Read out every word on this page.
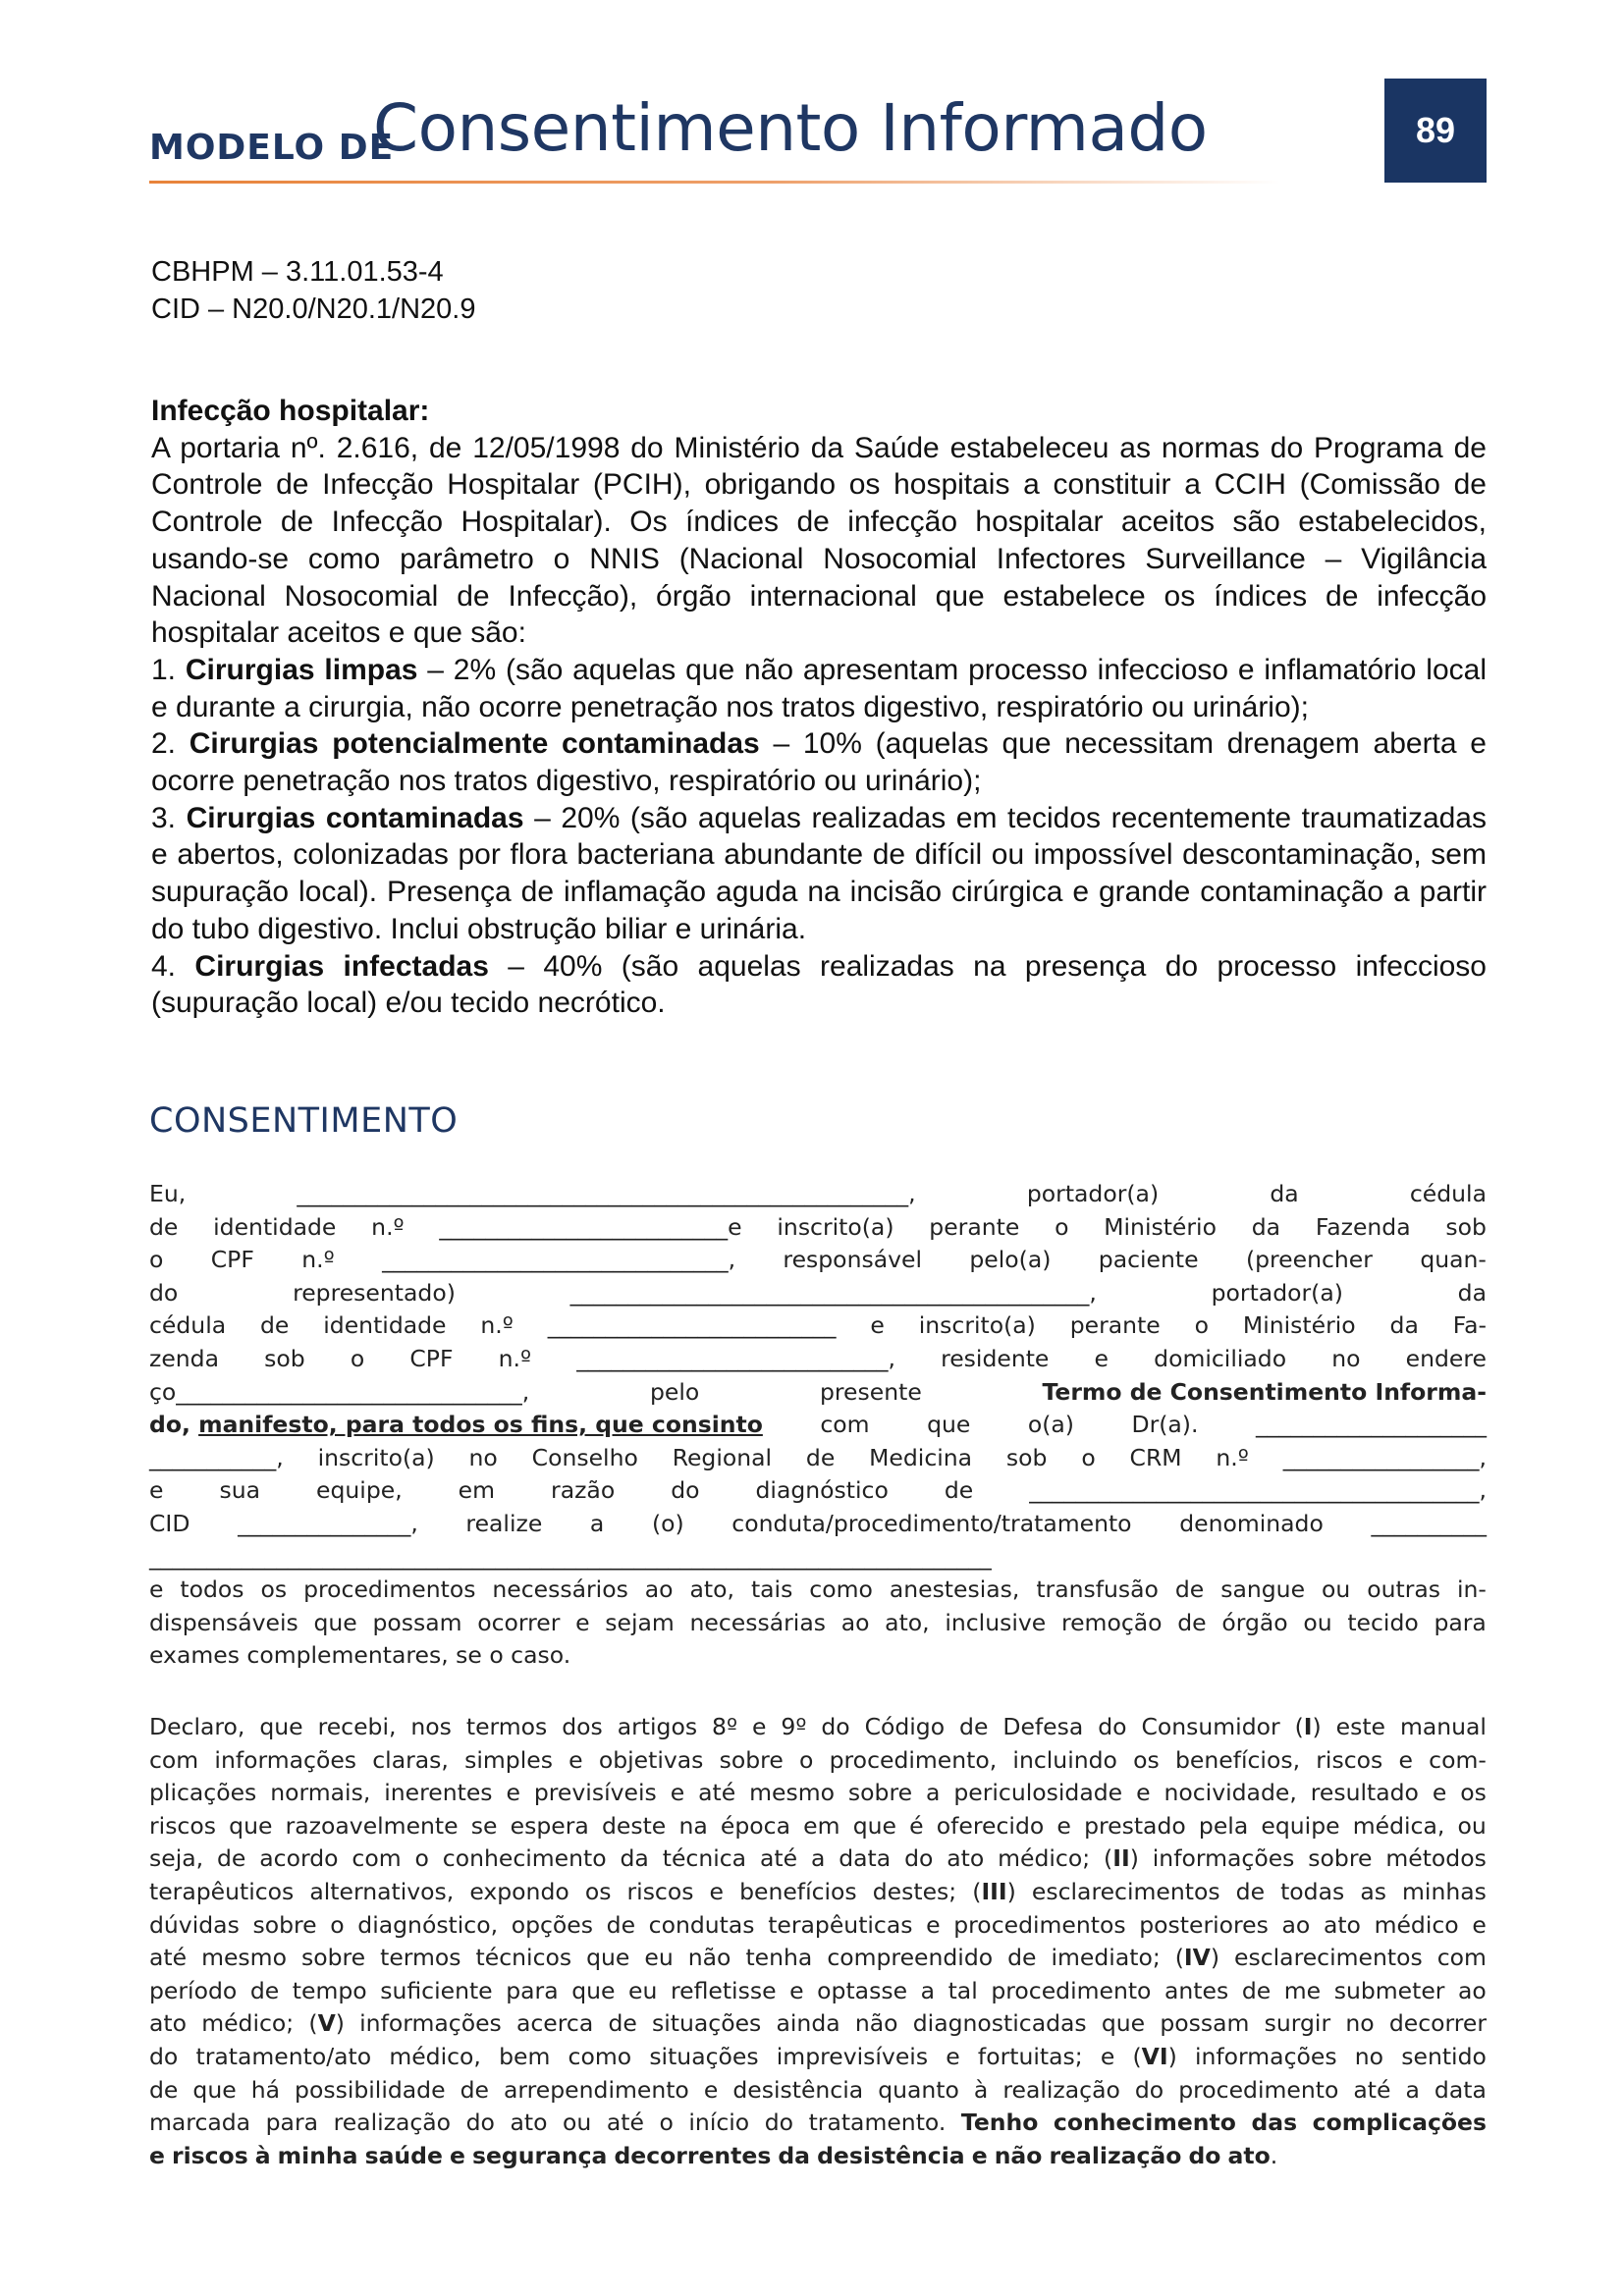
MODELO DE
Consentimento Informado	89
CBHPM – 3.11.01.53-4
CID – N20.0/N20.1/N20.9

Infecção hospitalar:

A portaria nº. 2.616, de 12/05/1998 do Ministério da Saúde estabeleceu as normas do Programa de Controle de Infecção Hospitalar (PCIH), obrigando os hospitais a constituir a CCIH (Comissão de Controle de Infecção Hospitalar). Os índices de infecção hospitalar aceitos são estabelecidos, usando-se como parâmetro o NNIS (Nacional Nosocomial Infectores Surveillance – Vigilância Nacional Nosocomial de Infecção), órgão internacional que estabelece os índices de infecção hospitalar aceitos e que são:

1. Cirurgias limpas – 2% (são aquelas que não apresentam processo infeccioso e inflamatório local e durante a cirurgia, não ocorre penetração nos tratos digestivo, respiratório ou urinário);

2. Cirurgias potencialmente contaminadas – 10% (aquelas que necessitam drenagem aberta e ocorre penetração nos tratos digestivo, respiratório ou urinário);

3. Cirurgias contaminadas – 20% (são aquelas realizadas em tecidos recentemente traumatizadas e abertos, colonizadas por flora bacteriana abundante de difícil ou impossível descontaminação, sem supuração local). Presença de inflamação aguda na incisão cirúrgica e grande contaminação a partir do tubo digestivo. Inclui obstrução biliar e urinária.

4. Cirurgias infectadas – 40% (são aquelas realizadas na presença do processo infeccioso (supuração local) e/ou tecido necrótico.

CONSENTIMENTO
Eu,	_____________________________________________________,	portador(a)	da	cédula
de identidade n.º _________________________e inscrito(a) perante o Ministério da Fazenda sob
o CPF n.º ______________________________, responsável pelo(a) paciente (preencher quan-
do	representado)	_____________________________________________,	portador(a)	da
cédula de identidade n.º _________________________ e inscrito(a) perante o Ministério da Fa-
zenda sob o CPF n.º ___________________________, residente e domiciliado no endere
ço______________________________,	pelo	presente	Termo de Consentimento Informa-
do, manifesto, para todos os fins, que consinto com que o(a) Dr(a). ____________________
___________, inscrito(a) no Conselho Regional de Medicina sob o CRM n.º _________________,
e sua equipe, em razão do diagnóstico de _______________________________________,
CID _______________, realize a (o) conduta/procedimento/tratamento denominado __________
_________________________________________________________________________
e todos os procedimentos necessários ao ato, tais como anestesias, transfusão de sangue ou outras in-
dispensáveis que possam ocorrer e sejam necessárias ao ato, inclusive remoção de órgão ou tecido para
exames complementares, se o caso.
Declaro, que recebi, nos termos dos artigos 8º e 9º do Código de Defesa do Consumidor (I) este manual
com informações claras, simples e objetivas sobre o procedimento, incluindo os benefícios, riscos e com-
plicações normais, inerentes e previsíveis e até mesmo sobre a periculosidade e nocividade, resultado e os
riscos que razoavelmente se espera deste na época em que é oferecido e prestado pela equipe médica, ou
seja, de acordo com o conhecimento da técnica até a data do ato médico; (II) informações sobre métodos
terapêuticos alternativos, expondo os riscos e benefícios destes; (III) esclarecimentos de todas as minhas
dúvidas sobre o diagnóstico, opções de condutas terapêuticas e procedimentos posteriores ao ato médico e
até mesmo sobre termos técnicos que eu não tenha compreendido de imediato; (IV) esclarecimentos com
período de tempo suficiente para que eu refletisse e optasse a tal procedimento antes de me submeter ao
ato médico; (V) informações acerca de situações ainda não diagnosticadas que possam surgir no decorrer
do tratamento/ato médico, bem como situações imprevisíveis e fortuitas; e (VI) informações no sentido
de que há possibilidade de arrependimento e desistência quanto à realização do procedimento até a data
marcada para realização do ato ou até o início do tratamento. Tenho conhecimento das complicações
e riscos à minha saúde e segurança decorrentes da desistência e não realização do ato.
